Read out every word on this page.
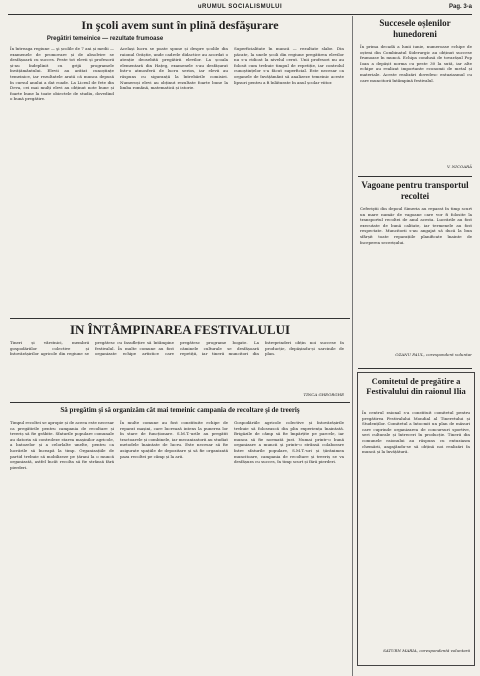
uRUMUL SOCIALISMULUI	Pag. 3-a
In şcoli avem sunt în plină desfăşurare
Pregătiri temeinice — rezultate frumoase
În întreaga regiune — şi școlile de 7 ani și medii — examenele de promovare și de absolvire se desfășoară cu succes. Peste tot elevii și profesorii și-au îndeplinit cu grijă programele învățământului. Elevii au arătat cunoștințe temeinice, iar rezultatele arată că munca depusă în cursul anului a dat roade. La Liceul de fete din Deva, cei mai mulți elevi au obținut note bune și foarte bune la toate obiectele de studiu, dovedind o bună pregătire.
Același lucru se poate spune și despre școlile din raionul Orăștie, unde cadrele didactice au acordat o atenție deosebită pregătirii elevilor. La școala elementară din Hațeg, examenele s-au desfășurat într-o atmosferă de lucru serios, iar elevii au răspuns cu siguranță la întrebările comisiei. Numeroși elevi au obținut rezultate foarte bune la limba română, matematică și istorie.
Superficialitate în muncă — rezultate slabe. Din păcate, la unele școli din regiune pregătirea elevilor nu s-a ridicat la nivelul cerut. Unii profesori nu au folosit cum trebuie timpul de repetiție, iar controlul cunoștințelor s-a făcut superficial. Este necesar ca organele de învățământ să analizeze temeinic aceste lipsuri pentru a fi înlăturate în anul școlar viitor.
Succesele oșlenilor hunedoreni
În prima decadă a lunii iunie, numeroase echipe de oșteni din Combinatul Siderurgic au obținut succese frumoase în muncă. Echipa condusă de tovarășul Pop Ioan a depășit norma cu peste 30 la sută, iar alte echipe au realizat importante economii de metal și materiale. Aceste realizări dovedesc entuziasmul cu care muncitorii întâmpină festivalul.
V. NICOARĂ
Vagoane pentru transportul recoltei
Ceferiştii din depoul Simeria au reparat în timp scurt un mare număr de vagoane care vor fi folosite la transportul recoltei de anul acesta. Lucrările au fost executate de bună calitate, iar termenele au fost respectate. Muncitorii s-au angajat să ducă la bun sfârșit toate reparațiile planificate înainte de începerea secerișului.
OZANU PAUL, corespondent voluntar
IN ÎNTÂMPINAREA FESTIVALULUI
Tineri și vârstnici, membrii gospodăriilor colective și întovărășirilor agricole din regiune se pregătesc cu însuflețire să întâmpine festivalul. În multe comune au fost organizate echipe artistice care pregătesc programe bogate. La căminele culturale se desfășoară repetiții, iar tinerii muncitori din întreprinderi obțin noi succese în producție, depășindu-și sarcinile de plan.
TINCA GHEORGHE
Comitetul de pregătire a Festivalului din raionul Ilia
În centrul raional s-a constituit comitetul pentru pregătirea Festivalului Mondial al Tineretului și Studenților. Comitetul a întocmit un plan de măsuri care cuprinde organizarea de concursuri sportive, seri culturale și întreceri în producție. Tinerii din comunele raionului au răspuns cu entuziasm chemării, angajându-se să obțină noi realizări în muncă și la învățătură.
SATURN MARIA, corespondentă voluntară
Să pregătim şi să organizăm cât mai temeinic campania de recoltare şi de treeriş
Timpul recoltei se apropie și de aceea este necesar ca pregătirile pentru campania de recoltare și treeriș să fie grăbite. Sfaturile populare comunale au datoria să controleze starea mașinilor agricole, a batozelor și a celorlalte unelte, pentru ca lucrările să înceapă la timp. Organizațiile de partid trebuie să mobilizeze pe țărani la o muncă organizată, astfel încât recolta să fie strânsă fără pierderi.
În multe comune au fost constituite echipe de reparat mașini, care lucrează intens la punerea lor în stare de funcționare. S.M.T.-urile au pregătit tractoarele și combinele, iar mecanizatorii au studiat metodele înaintate de lucru. Este necesar să fie asigurate spațiile de depozitare și să fie organizată paza recoltei pe câmp și la arii.
Gospodăriile agricole colective și întovărășirile trebuie să folosească din plin experiența înaintată. Brigăzile de câmp să fie împărțite pe parcele, iar munca să fie normată just. Numai printr-o bună organizare a muncii și printr-o strânsă colaborare între sfaturile populare, S.M.T.-uri și țărănimea muncitoare, campania de recoltare și treeriș se va desfășura cu succes, în timp scurt și fără pierderi.
